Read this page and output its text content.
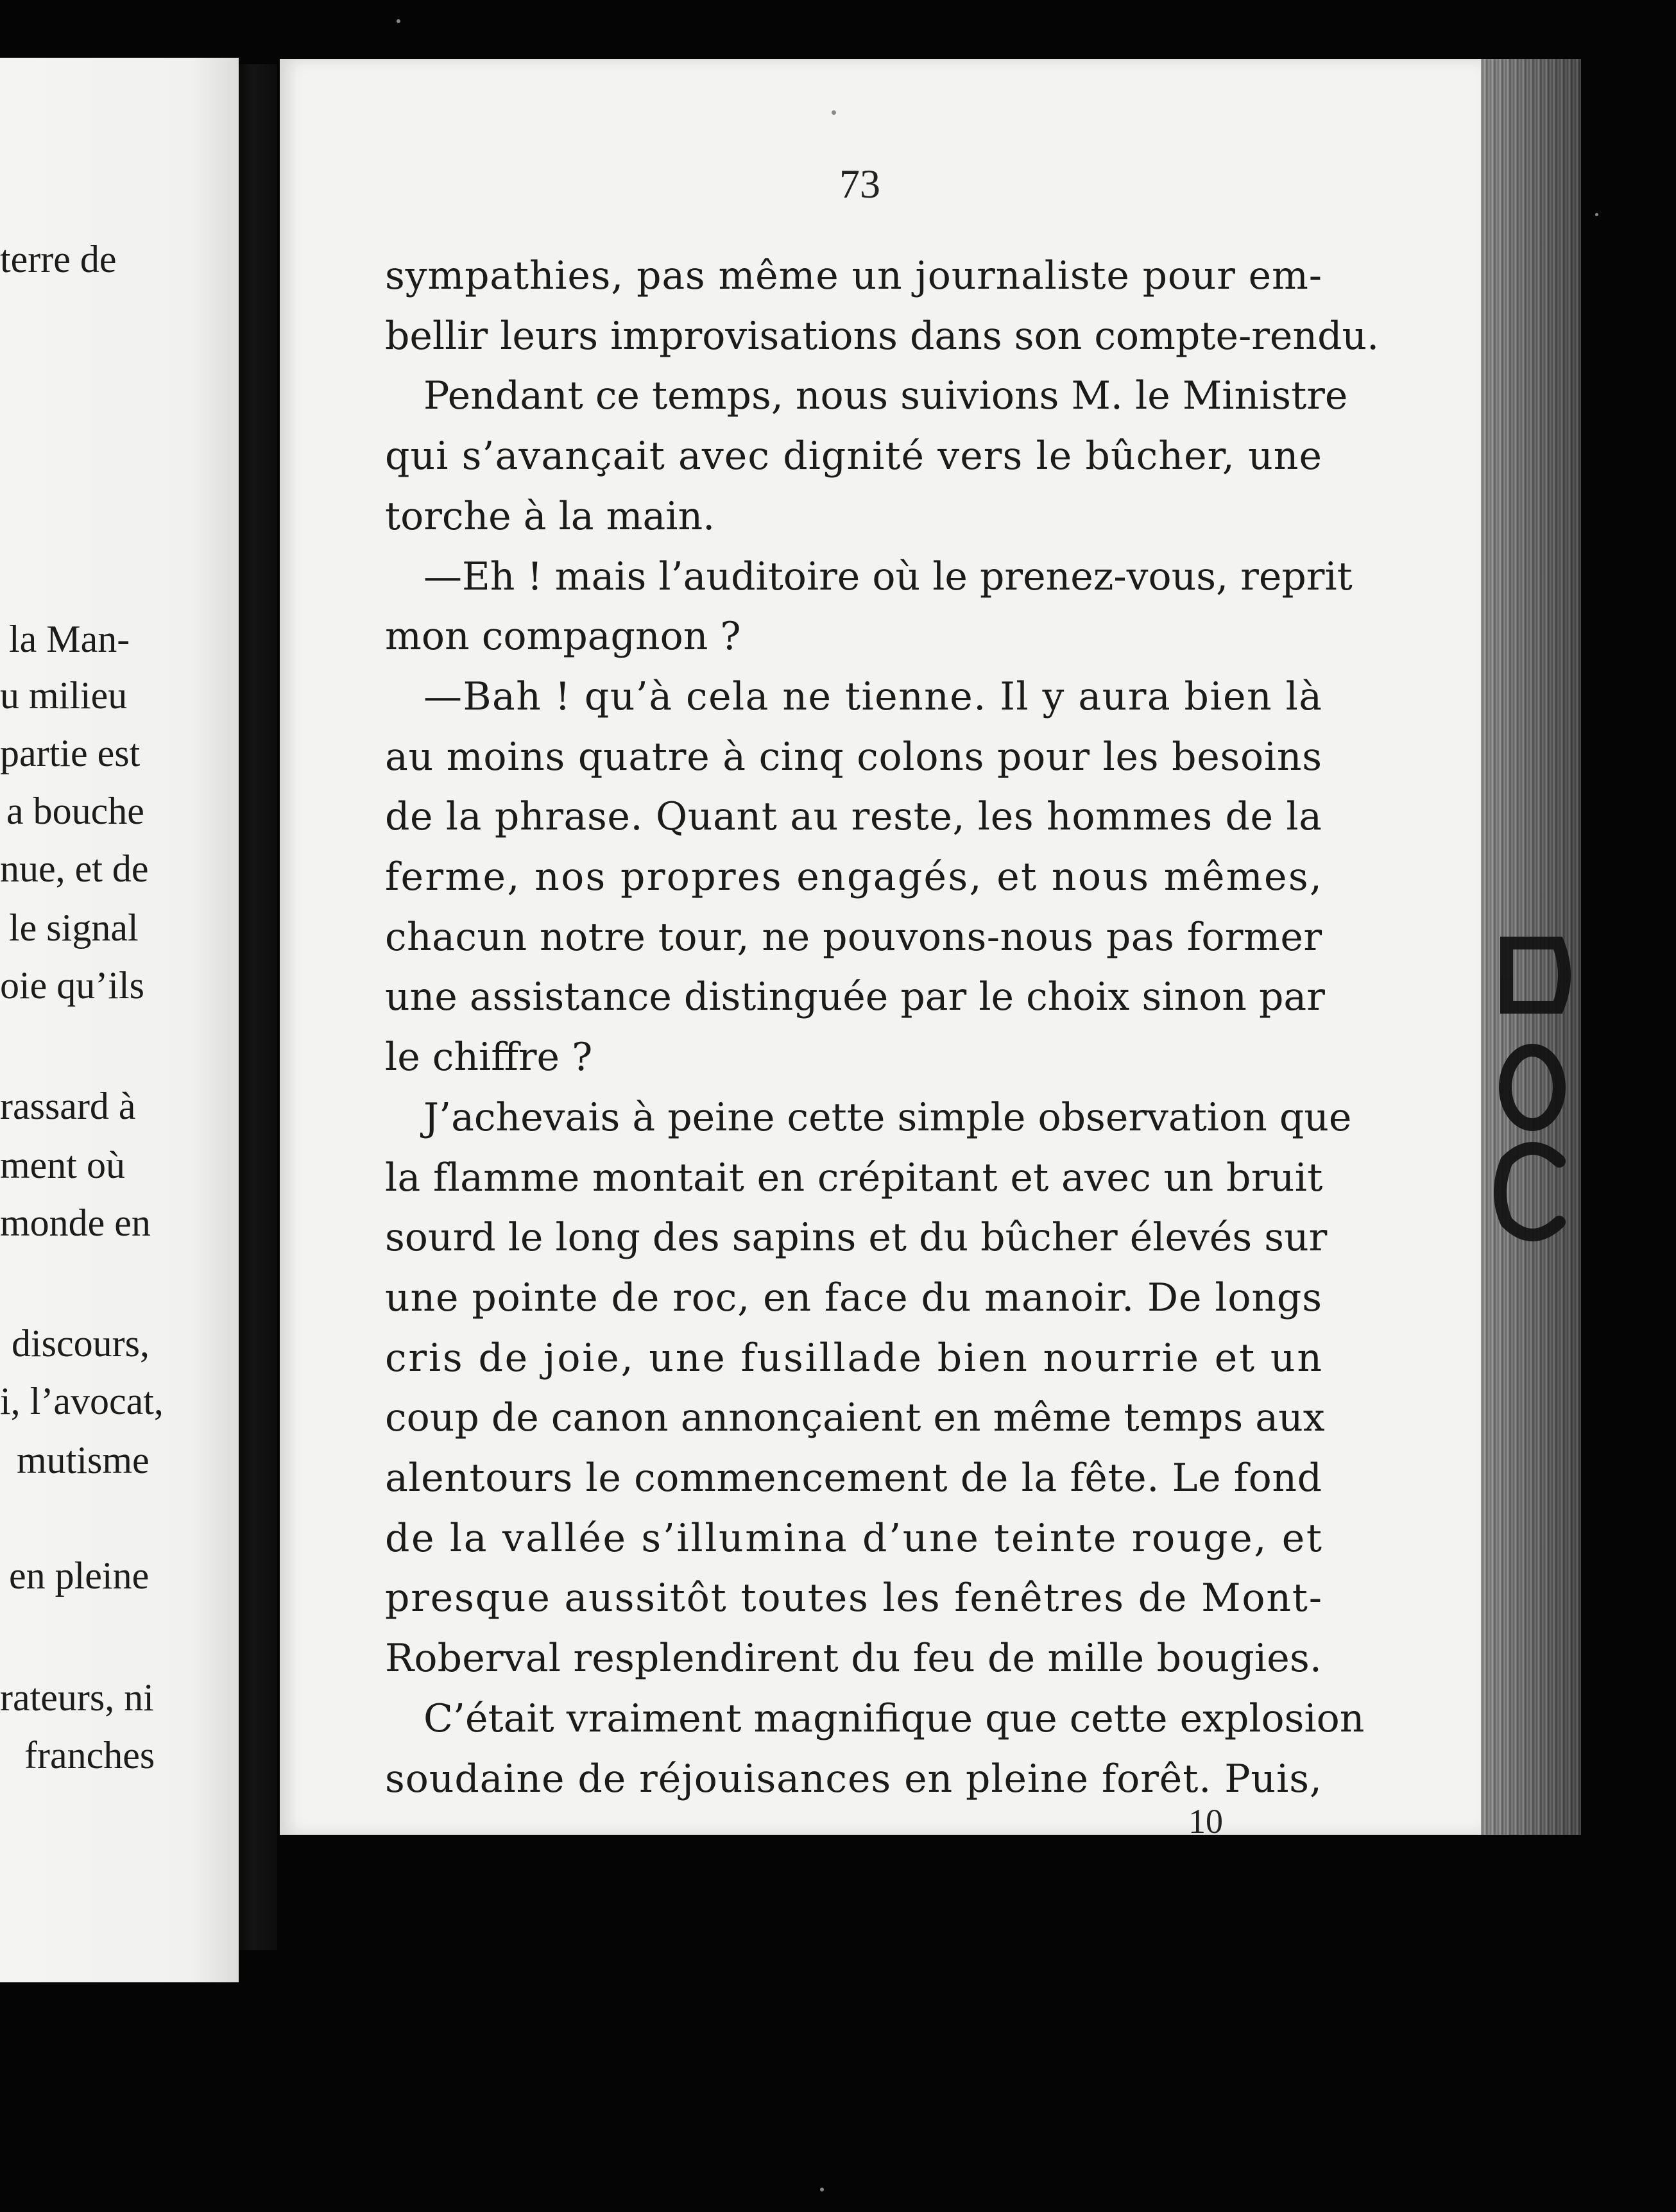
terre de
la Man-
u milieu
partie est
a bouche
nue, et de
le signal
oie qu’ils
rassard à
ment où
monde en
discours,
i, l’avocat,
mutisme
en pleine
rateurs, ni
franches
73
sympathies, pas même un journaliste pour em-
bellir leurs improvisations dans son compte-rendu.
Pendant ce temps, nous suivions M. le Ministre
qui s’avançait avec dignité vers le bûcher, une
torche à la main.
—Eh ! mais l’auditoire où le prenez-vous, reprit
mon compagnon ?
—Bah ! qu’à cela ne tienne. Il y aura bien là
au moins quatre à cinq colons pour les besoins
de la phrase. Quant au reste, les hommes de la
ferme, nos propres engagés, et nous mêmes,
chacun notre tour, ne pouvons-nous pas former
une assistance distinguée par le choix sinon par
le chiffre ?
J’achevais à peine cette simple observation que
la flamme montait en crépitant et avec un bruit
sourd le long des sapins et du bûcher élevés sur
une pointe de roc, en face du manoir. De longs
cris de joie, une fusillade bien nourrie et un
coup de canon annonçaient en même temps aux
alentours le commencement de la fête. Le fond
de la vallée s’illumina d’une teinte rouge, et
presque aussitôt toutes les fenêtres de Mont-
Roberval resplendirent du feu de mille bougies.
C’était vraiment magnifique que cette explosion
soudaine de réjouisances en pleine forêt. Puis,
10
